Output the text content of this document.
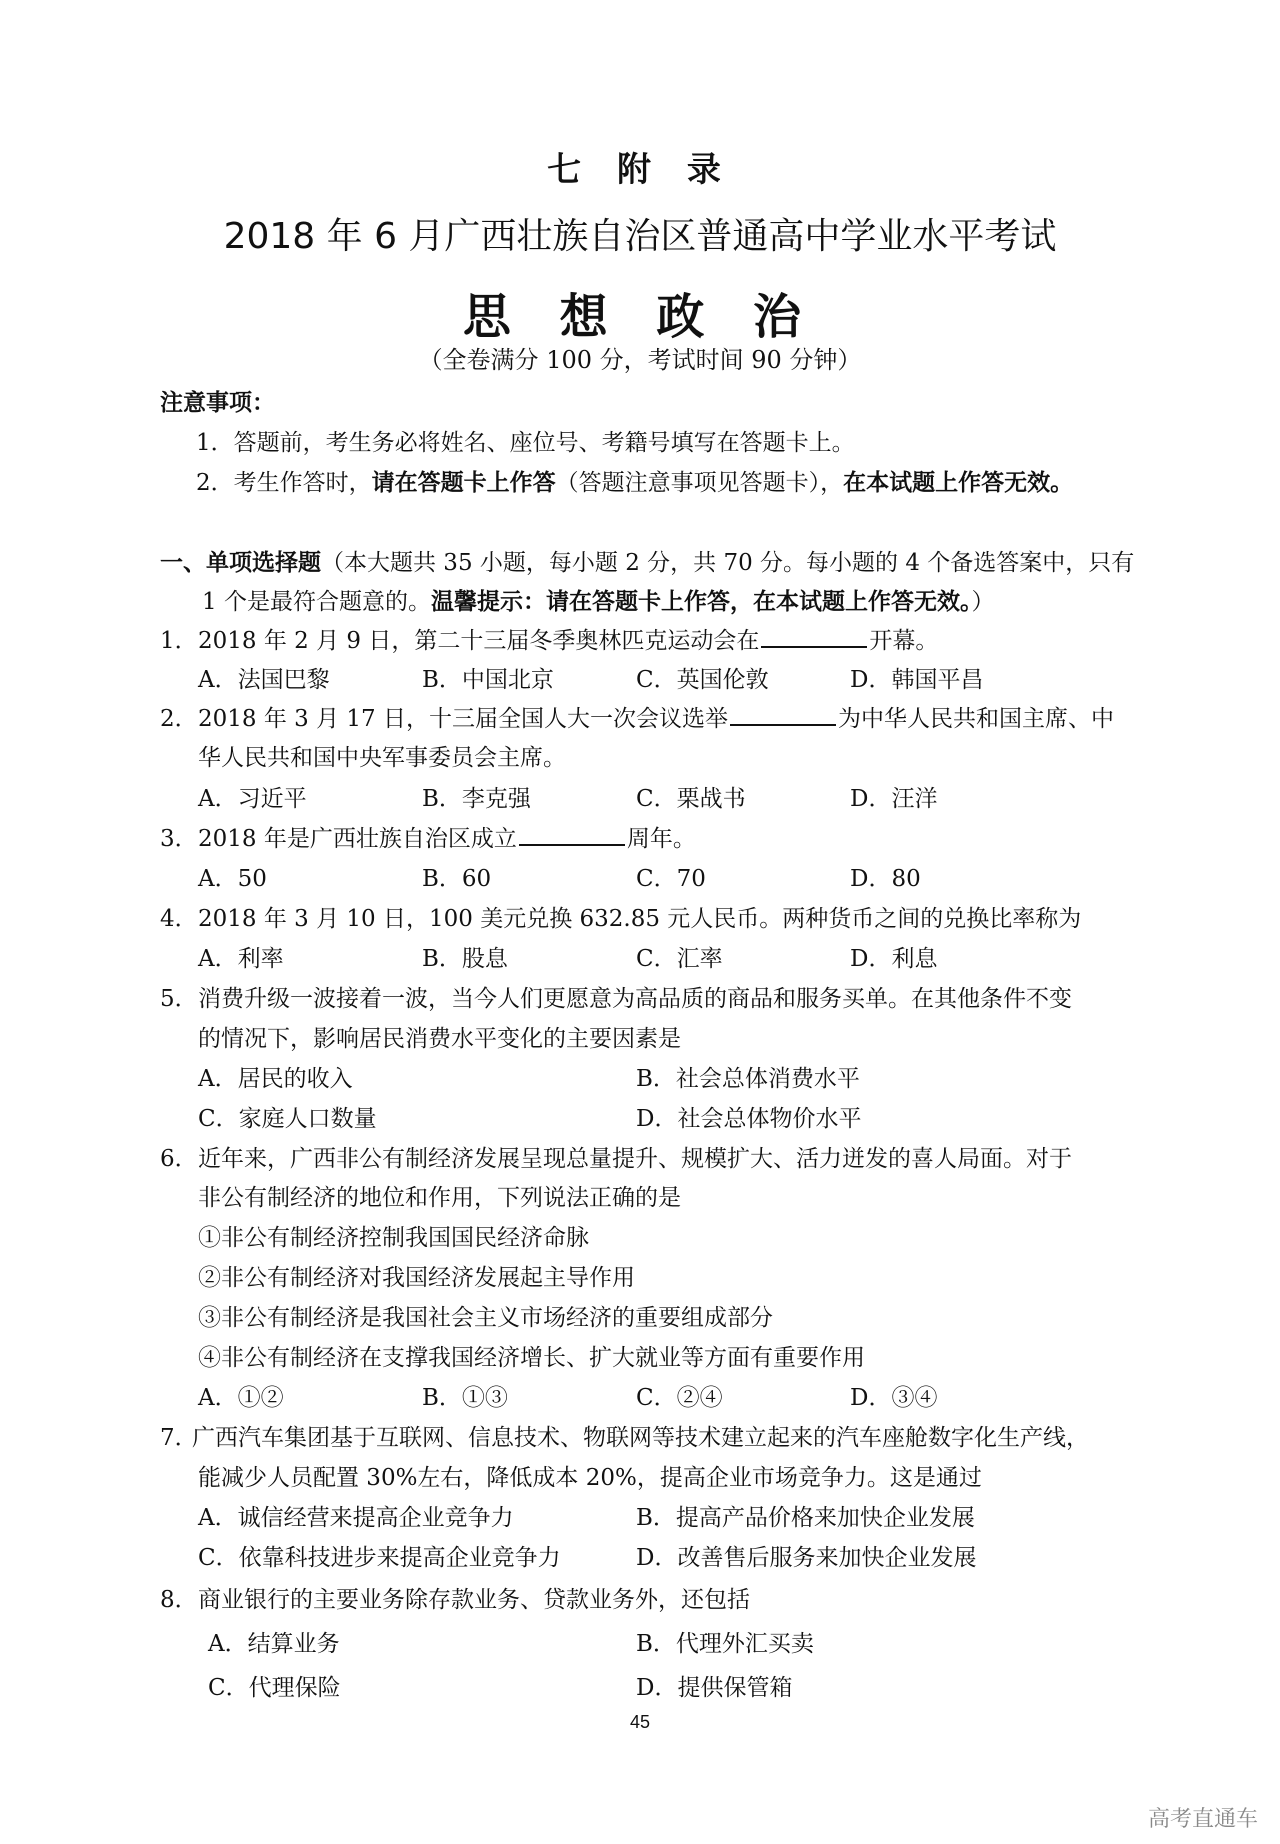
七 附 录
2018 年 6 月广西壮族自治区普通高中学业水平考试
思 想 政 治
（全卷满分 100 分，考试时间 90 分钟）
注意事项：
1．答题前，考生务必将姓名、座位号、考籍号填写在答题卡上。
2．考生作答时，请在答题卡上作答（答题注意事项见答题卡），在本试题上作答无效。
一、单项选择题（本大题共 35 小题，每小题 2 分，共 70 分。每小题的 4 个备选答案中，只有
1 个是最符合题意的。温馨提示：请在答题卡上作答，在本试题上作答无效。）
1． 2018 年 2 月 9 日，第二十三届冬季奥林匹克运动会在	开幕。
A．法国巴黎	B．中国北京	C．英国伦敦	D．韩国平昌
2． 2018 年 3 月 17 日，十三届全国人大一次会议选举	为中华人民共和国主席、中
华人民共和国中央军事委员会主席。
A．习近平	B．李克强	C．栗战书	D．汪洋
3． 2018 年是广西壮族自治区成立	周年。
A．50	B．60	C．70	D．80
4． 2018 年 3 月 10 日，100 美元兑换 632.85 元人民币。两种货币之间的兑换比率称为
A．利率	B．股息	C．汇率	D．利息
5． 消费升级一波接着一波，当今人们更愿意为高品质的商品和服务买单。在其他条件不变
的情况下，影响居民消费水平变化的主要因素是
A．居民的收入	B．社会总体消费水平
C．家庭人口数量	D．社会总体物价水平
6． 近年来，广西非公有制经济发展呈现总量提升、规模扩大、活力迸发的喜人局面。对于
非公有制经济的地位和作用，下列说法正确的是
①非公有制经济控制我国国民经济命脉
②非公有制经济对我国经济发展起主导作用
③非公有制经济是我国社会主义市场经济的重要组成部分
④非公有制经济在支撑我国经济增长、扩大就业等方面有重要作用
A．①②	B．①③	C．②④	D．③④
7．
广西汽车集团基于互联网、信息技术、物联网等技术建立起来的汽车座舱数字化生产线，
能减少人员配置 30%左右，降低成本 20%，提高企业市场竞争力。这是通过
A．诚信经营来提高企业竞争力	B．提高产品价格来加快企业发展
C．依靠科技进步来提高企业竞争力	D．改善售后服务来加快企业发展
8． 商业银行的主要业务除存款业务、贷款业务外，还包括
A．结算业务	B．代理外汇买卖
C．代理保险	D．提供保管箱
45
高考直通车
